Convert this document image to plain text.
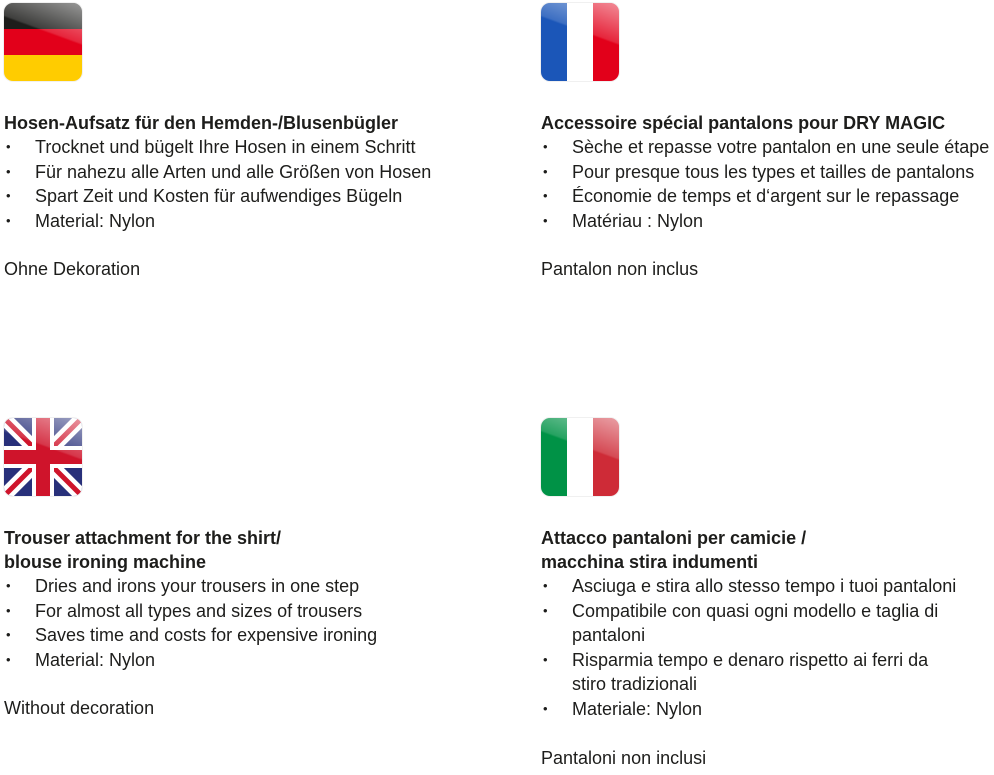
Hosen-Aufsatz für den Hemden-/Blusenbügler
• Trocknet und bügelt Ihre Hosen in einem Schritt
• Für nahezu alle Arten und alle Größen von Hosen
• Spart Zeit und Kosten für aufwendiges Bügeln
• Material: Nylon
Ohne Dekoration
Accessoire spécial pantalons pour DRY MAGIC
• Sèche et repasse votre pantalon en une seule étape
• Pour presque tous les types et tailles de pantalons
• Économie de temps et d‘argent sur le repassage
• Matériau : Nylon
Pantalon non inclus
Trouser attachment for the shirt/
blouse ironing machine
• Dries and irons your trousers in one step
• For almost all types and sizes of trousers
• Saves time and costs for expensive ironing
• Material: Nylon
Without decoration
Attacco pantaloni per camicie /
macchina stira indumenti
• Asciuga e stira allo stesso tempo i tuoi pantaloni
• Compatibile con quasi ogni modello e taglia di
pantaloni
• Risparmia tempo e denaro rispetto ai ferri da
stiro tradizionali
• Materiale: Nylon
Pantaloni non inclusi
